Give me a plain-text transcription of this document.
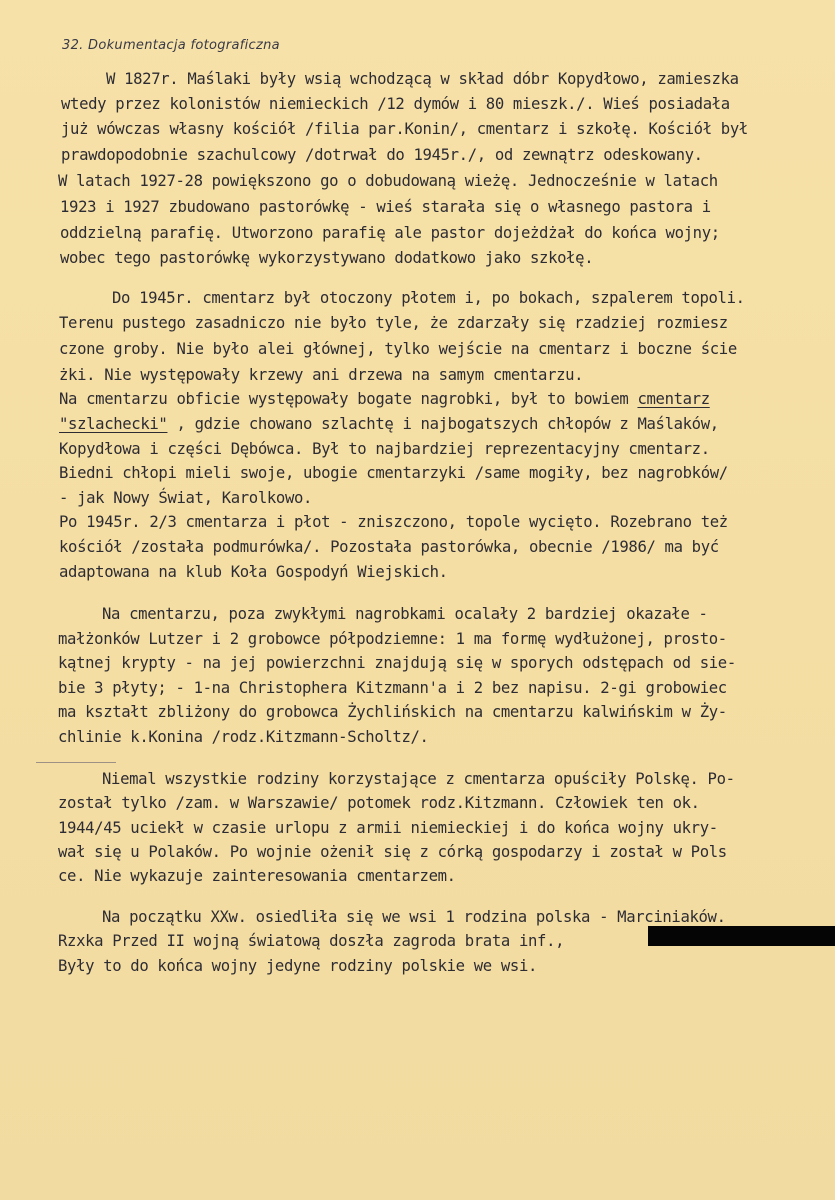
32. Dokumentacja fotograficzna
W 1827r. Maślaki były wsią wchodzącą w skład dóbr Kopydłowo, zamieszka
wtedy przez kolonistów niemieckich /12 dymów i 80 mieszk./. Wieś posiadała
już wówczas własny kościół /filia par.Konin/, cmentarz i szkołę. Kościół był
prawdopodobnie szachulcowy /dotrwał do 1945r./, od zewnątrz odeskowany.
W latach 1927-28 powiększono go o dobudowaną wieżę. Jednocześnie w latach
1923 i 1927 zbudowano pastorówkę - wieś starała się o własnego pastora i
oddzielną parafię. Utworzono parafię ale pastor dojeżdżał do końca wojny;
wobec tego pastorówkę wykorzystywano dodatkowo jako szkołę.
Do 1945r. cmentarz był otoczony płotem i, po bokach, szpalerem topoli.
Terenu pustego zasadniczo nie było tyle, że zdarzały się rzadziej rozmiesz
czone groby. Nie było alei głównej, tylko wejście na cmentarz i boczne ście
żki. Nie występowały krzewy ani drzewa na samym cmentarzu.
Na cmentarzu obficie występowały bogate nagrobki, był to bowiem cmentarz
"szlachecki" , gdzie chowano szlachtę i najbogatszych chłopów z Maślaków,
Kopydłowa i części Dębówca. Był to najbardziej reprezentacyjny cmentarz.
Biedni chłopi mieli swoje, ubogie cmentarzyki /same mogiły, bez nagrobków/
- jak Nowy Świat, Karolkowo.
Po 1945r. 2/3 cmentarza i płot - zniszczono, topole wycięto. Rozebrano też
kościół /została podmurówka/. Pozostała pastorówka, obecnie /1986/ ma być
adaptowana na klub Koła Gospodyń Wiejskich.
Na cmentarzu, poza zwykłymi nagrobkami ocalały 2 bardziej okazałe -
małżonków Lutzer i 2 grobowce półpodziemne: 1 ma formę wydłużonej, prosto-
kątnej krypty - na jej powierzchni znajdują się w sporych odstępach od sie-
bie 3 płyty; - 1-na Christophera Kitzmann'a i 2 bez napisu. 2-gi grobowiec
ma kształt zbliżony do grobowca Żychlińskich na cmentarzu kalwińskim w Ży-
chlinie k.Konina /rodz.Kitzmann-Scholtz/.
Niemal wszystkie rodziny korzystające z cmentarza opuściły Polskę. Po-
został tylko /zam. w Warszawie/ potomek rodz.Kitzmann. Człowiek ten ok.
1944/45 uciekł w czasie urlopu z armii niemieckiej i do końca wojny ukry-
wał się u Polaków. Po wojnie ożenił się z córką gospodarzy i został w Pols
ce. Nie wykazuje zainteresowania cmentarzem.
Na początku XXw. osiedliła się we wsi 1 rodzina polska - Marciniaków.
Rzxka Przed II wojną światową doszła zagroda brata inf.,
Były to do końca wojny jedyne rodziny polskie we wsi.
